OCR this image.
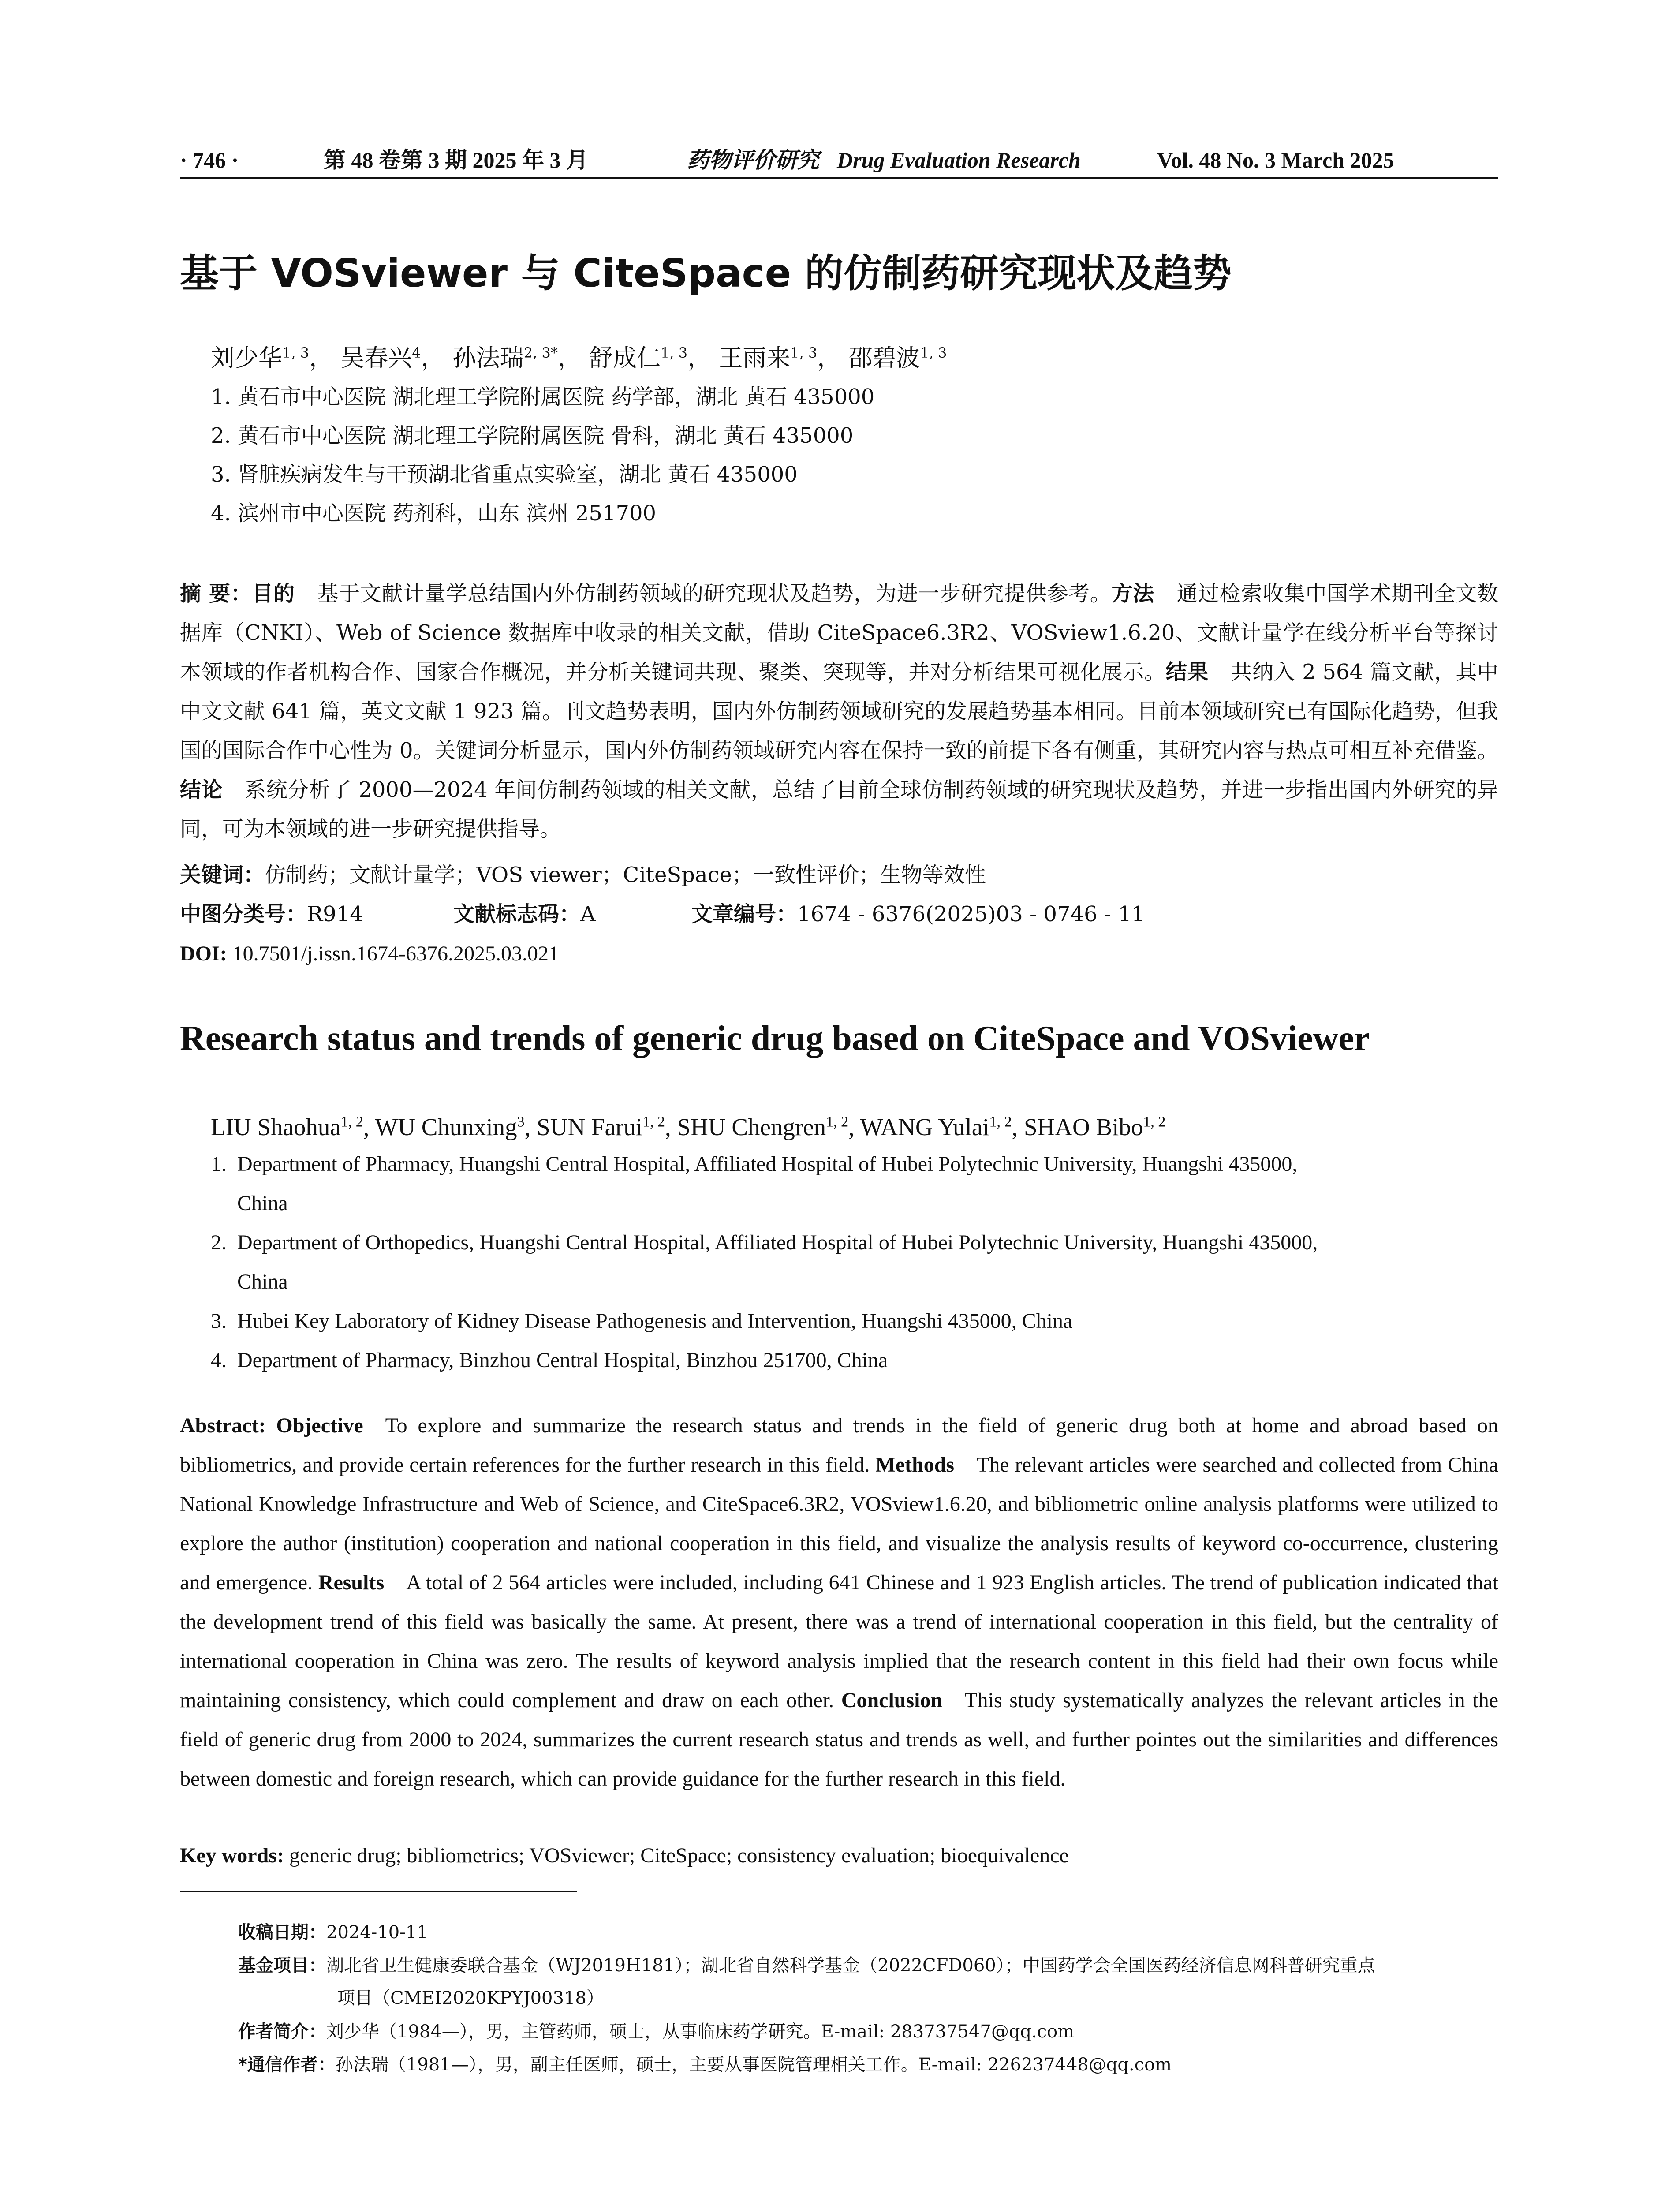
· 746 ·	第 48 卷第 3 期 2025 年 3 月	药物评价研究 Drug Evaluation Research	Vol. 48 No. 3 March 2025
基于 VOSviewer 与 CiteSpace 的仿制药研究现状及趋势
刘少华$^{1, 3}$， 吴春兴$^4$， 孙法瑞$^{2, 3*}$， 舒成仁$^{1, 3}$， 王雨来$^{1, 3}$， 邵碧波$^{1, 3}$
1. 黄石市中心医院 湖北理工学院附属医院 药学部，湖北 黄石 435000
2. 黄石市中心医院 湖北理工学院附属医院 骨科，湖北 黄石 435000
3. 肾脏疾病发生与干预湖北省重点实验室，湖北 黄石 435000
4. 滨州市中心医院 药剂科，山东 滨州 251700
摘 要：目的 基于文献计量学总结国内外仿制药领域的研究现状及趋势，为进一步研究提供参考。方法 通过检索收集中国学术期刊全文数据库（CNKI）、Web of Science 数据库中收录的相关文献，借助 CiteSpace6.3R2、VOSview1.6.20、文献计量学在线分析平台等探讨本领域的作者机构合作、国家合作概况，并分析关键词共现、聚类、突现等，并对分析结果可视化展示。结果 共纳入 2 564 篇文献，其中中文文献 641 篇，英文文献 1 923 篇。刊文趋势表明，国内外仿制药领域研究的发展趋势基本相同。目前本领域研究已有国际化趋势，但我国的国际合作中心性为 0。关键词分析显示，国内外仿制药领域研究内容在保持一致的前提下各有侧重，其研究内容与热点可相互补充借鉴。结论 系统分析了 2000—2024 年间仿制药领域的相关文献，总结了目前全球仿制药领域的研究现状及趋势，并进一步指出国内外研究的异同，可为本领域的进一步研究提供指导。
关键词：仿制药；文献计量学；VOS viewer；CiteSpace；一致性评价；生物等效性
中图分类号：R914	文献标志码：A	文章编号：1674 - 6376(2025)03 - 0746 - 11
DOI: 10.7501/j.issn.1674-6376.2025.03.021
Research status and trends of generic drug based on CiteSpace and VOSviewer
LIU Shaohua$^{1, 2}$, WU Chunxing$^3$, SUN Farui$^{1, 2}$, SHU Chengren$^{1, 2}$, WANG Yulai$^{1, 2}$, SHAO Bibo$^{1, 2}$
1. Department of Pharmacy, Huangshi Central Hospital, Affiliated Hospital of Hubei Polytechnic University, Huangshi 435000,
China
2. Department of Orthopedics, Huangshi Central Hospital, Affiliated Hospital of Hubei Polytechnic University, Huangshi 435000,
China
3. Hubei Key Laboratory of Kidney Disease Pathogenesis and Intervention, Huangshi 435000, China
4. Department of Pharmacy, Binzhou Central Hospital, Binzhou 251700, China
Abstract: Objective To explore and summarize the research status and trends in the field of generic drug both at home and abroad based on bibliometrics, and provide certain references for the further research in this field. Methods The relevant articles were searched and collected from China National Knowledge Infrastructure and Web of Science, and CiteSpace6.3R2, VOSview1.6.20, and bibliometric online analysis platforms were utilized to explore the author (institution) cooperation and national cooperation in this field, and visualize the analysis results of keyword co-occurrence, clustering and emergence. Results A total of 2 564 articles were included, including 641 Chinese and 1 923 English articles. The trend of publication indicated that the development trend of this field was basically the same. At present, there was a trend of international cooperation in this field, but the centrality of international cooperation in China was zero. The results of keyword analysis implied that the research content in this field had their own focus while maintaining consistency, which could complement and draw on each other. Conclusion This study systematically analyzes the relevant articles in the field of generic drug from 2000 to 2024, summarizes the current research status and trends as well, and further pointes out the similarities and differences between domestic and foreign research, which can provide guidance for the further research in this field.
Key words: generic drug; bibliometrics; VOSviewer; CiteSpace; consistency evaluation; bioequivalence
收稿日期：2024-10-11
基金项目：湖北省卫生健康委联合基金（WJ2019H181）；湖北省自然科学基金（2022CFD060）；中国药学会全国医药经济信息网科普研究重点
项目（CMEI2020KPYJ00318）
作者简介：刘少华（1984—），男，主管药师，硕士，从事临床药学研究。E-mail: 283737547@qq.com
*通信作者：孙法瑞（1981—），男，副主任医师，硕士，主要从事医院管理相关工作。E-mail: 226237448@qq.com
